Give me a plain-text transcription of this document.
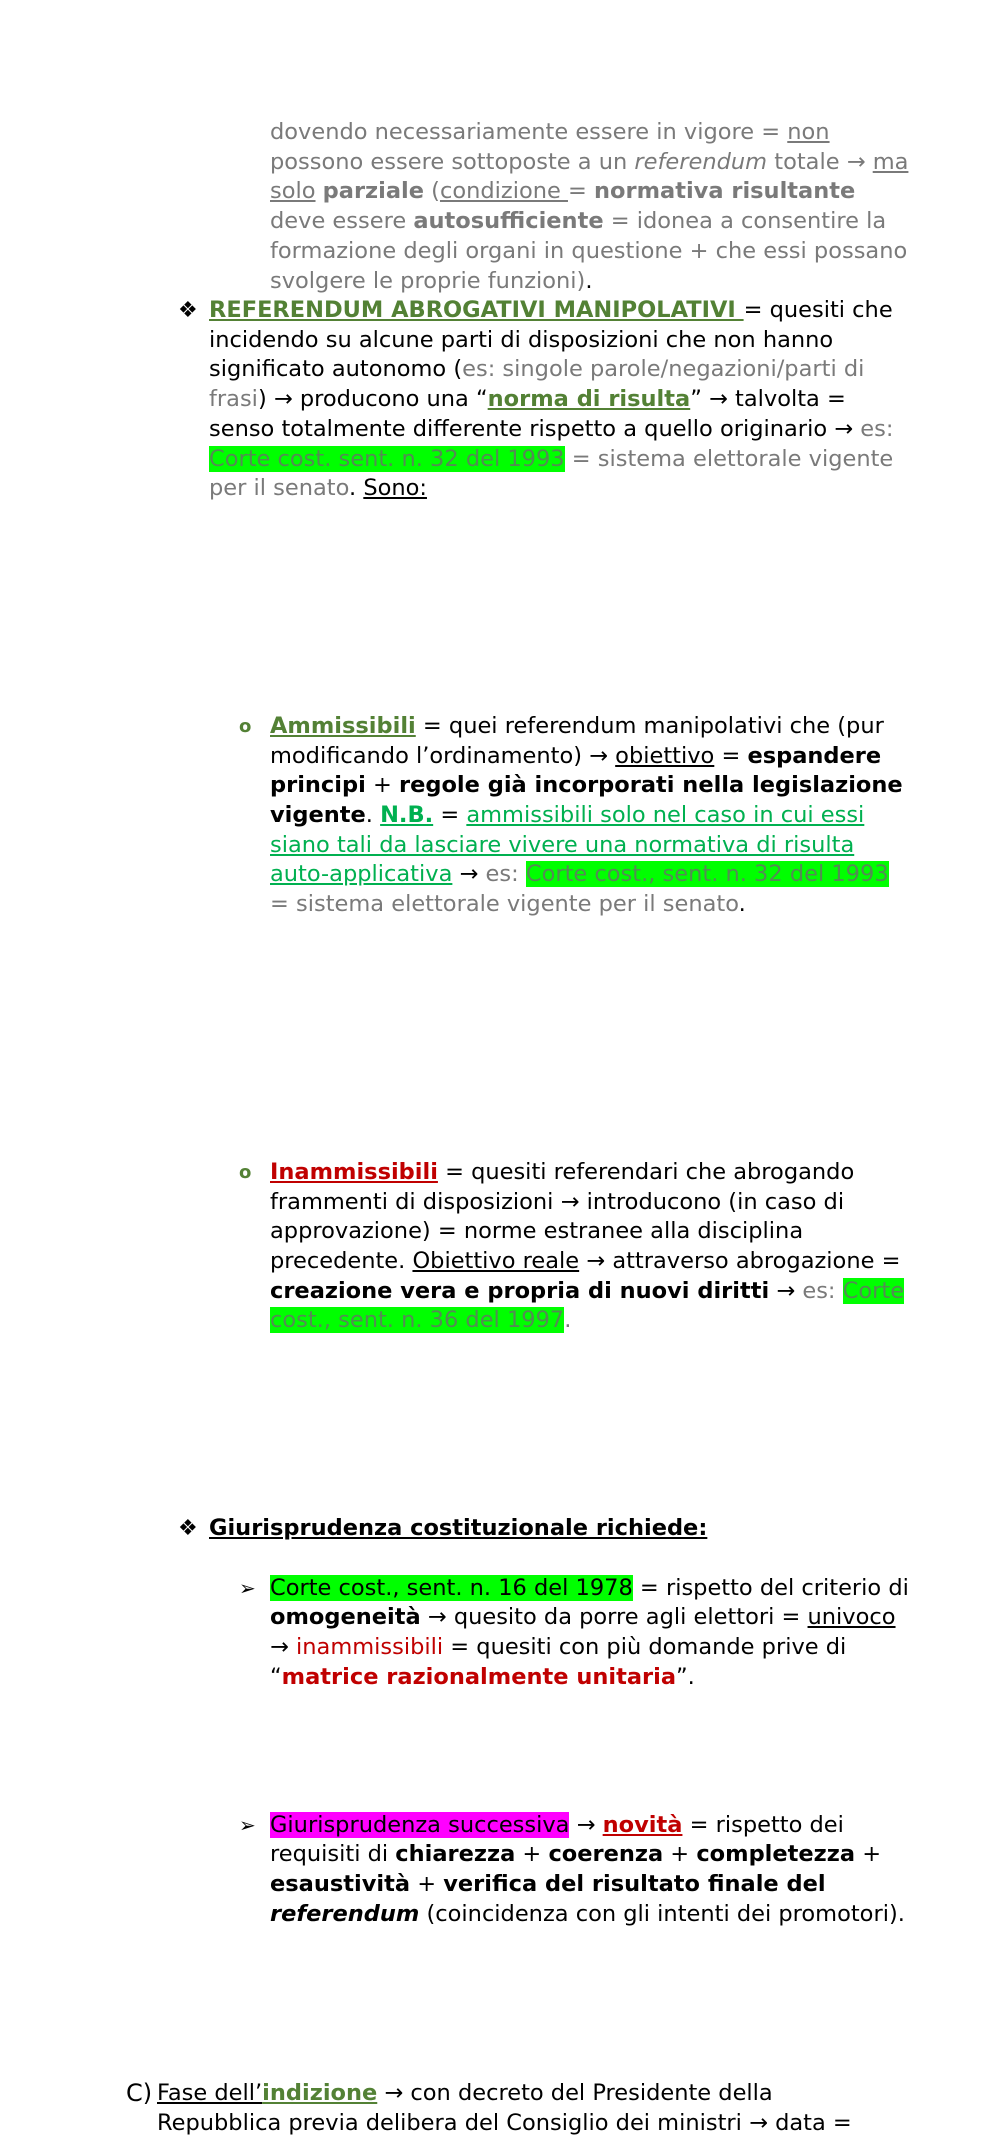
dovendo necessariamente essere in vigore = non possono essere sottoposte a un referendum totale → ma solo parziale (condizione = normativa risultante deve essere autosufficiente = idonea a consentire la formazione degli organi in questione + che essi possano svolgere le proprie funzioni).

❖ REFERENDUM ABROGATIVI MANIPOLATIVI = quesiti che incidendo su alcune parti di disposizioni che non hanno significato autonomo (es: singole parole/negazioni/parti di frasi) → producono una “norma di risulta” → talvolta = senso totalmente differente rispetto a quello originario → es: Corte cost. sent. n. 32 del 1993 = sistema elettorale vigente per il senato. Sono:

o Ammissibili = quei referendum manipolativi che (pur modificando l’ordinamento) → obiettivo = espandere principi + regole già incorporati nella legislazione vigente. N.B. = ammissibili solo nel caso in cui essi siano tali da lasciare vivere una normativa di risulta auto-applicativa → es: Corte cost., sent. n. 32 del 1993 = sistema elettorale vigente per il senato.

o Inammissibili = quesiti referendari che abrogando frammenti di disposizioni → introducono (in caso di approvazione) = norme estranee alla disciplina precedente. Obiettivo reale → attraverso abrogazione = creazione vera e propria di nuovi diritti → es: Corte cost., sent. n. 36 del 1997.

❖ Giurisprudenza costituzionale richiede:

➢ Corte cost., sent. n. 16 del 1978 = rispetto del criterio di omogeneità → quesito da porre agli elettori = univoco → inammissibili = quesiti con più domande prive di “matrice razionalmente unitaria”.

➢ Giurisprudenza successiva → novità = rispetto dei requisiti di chiarezza + coerenza + completezza + esaustività + verifica del risultato finale del referendum (coincidenza con gli intenti dei promotori).

C) Fase dell’indizione → con decreto del Presidente della Repubblica previa delibera del Consiglio dei ministri → data =
